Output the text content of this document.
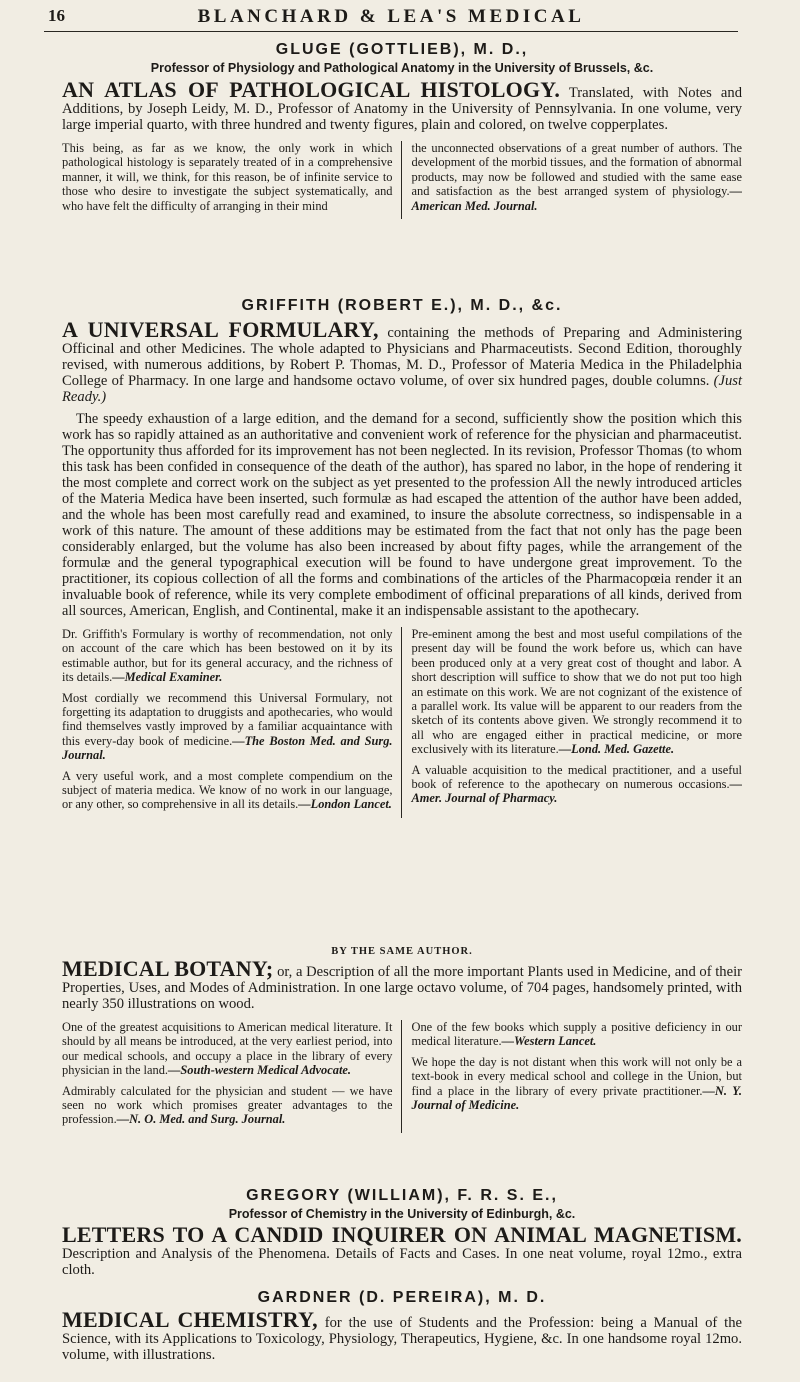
16	BLANCHARD & LEA'S MEDICAL

GLUGE (GOTTLIEB), M. D.,

Professor of Physiology and Pathological Anatomy in the University of Brussels, &c.

AN ATLAS OF PATHOLOGICAL HISTOLOGY. Translated, with Notes and Additions, by Joseph Leidy, M. D., Professor of Anatomy in the University of Pennsylvania. In one volume, very large imperial quarto, with three hundred and twenty figures, plain and colored, on twelve copperplates.

This being, as far as we know, the only work in which pathological histology is separately treated of in a comprehensive manner, it will, we think, for this reason, be of infinite service to those who desire to investigate the subject systematically, and who have felt the difficulty of arranging in their mind

the unconnected observations of a great number of authors. The development of the morbid tissues, and the formation of abnormal products, may now be followed and studied with the same ease and satisfaction as the best arranged system of physiology.—American Med. Journal.

GRIFFITH (ROBERT E.), M. D., &c.

A UNIVERSAL FORMULARY, containing the methods of Preparing and Administering Officinal and other Medicines. The whole adapted to Physicians and Pharmaceutists. Second Edition, thoroughly revised, with numerous additions, by Robert P. Thomas, M. D., Professor of Materia Medica in the Philadelphia College of Pharmacy. In one large and handsome octavo volume, of over six hundred pages, double columns. (Just Ready.)

The speedy exhaustion of a large edition, and the demand for a second, sufficiently show the position which this work has so rapidly attained as an authoritative and convenient work of reference for the physician and pharmaceutist. The opportunity thus afforded for its improvement has not been neglected. In its revision, Professor Thomas (to whom this task has been confided in consequence of the death of the author), has spared no labor, in the hope of rendering it the most complete and correct work on the subject as yet presented to the profession All the newly introduced articles of the Materia Medica have been inserted, such formulæ as had escaped the attention of the author have been added, and the whole has been most carefully read and examined, to insure the absolute correctness, so indispensable in a work of this nature. The amount of these additions may be estimated from the fact that not only has the page been considerably enlarged, but the volume has also been increased by about fifty pages, while the arrangement of the formulæ and the general typographical execution will be found to have undergone great improvement. To the practitioner, its copious collection of all the forms and combinations of the articles of the Pharmacopœia render it an invaluable book of reference, while its very complete embodiment of officinal preparations of all kinds, derived from all sources, American, English, and Continental, make it an indispensable assistant to the apothecary.

Dr. Griffith's Formulary is worthy of recommendation, not only on account of the care which has been bestowed on it by its estimable author, but for its general accuracy, and the richness of its details.—Medical Examiner.

Most cordially we recommend this Universal Formulary, not forgetting its adaptation to druggists and apothecaries, who would find themselves vastly improved by a familiar acquaintance with this every-day book of medicine.—The Boston Med. and Surg. Journal.

A very useful work, and a most complete compendium on the subject of materia medica. We know of no work in our language, or any other, so comprehensive in all its details.—London Lancet.

Pre-eminent among the best and most useful compilations of the present day will be found the work before us, which can have been produced only at a very great cost of thought and labor. A short description will suffice to show that we do not put too high an estimate on this work. We are not cognizant of the existence of a parallel work. Its value will be apparent to our readers from the sketch of its contents above given. We strongly recommend it to all who are engaged either in practical medicine, or more exclusively with its literature.—Lond. Med. Gazette.

A valuable acquisition to the medical practitioner, and a useful book of reference to the apothecary on numerous occasions.—Amer. Journal of Pharmacy.

BY THE SAME AUTHOR.

MEDICAL BOTANY; or, a Description of all the more important Plants used in Medicine, and of their Properties, Uses, and Modes of Administration. In one large octavo volume, of 704 pages, handsomely printed, with nearly 350 illustrations on wood.

One of the greatest acquisitions to American medical literature. It should by all means be introduced, at the very earliest period, into our medical schools, and occupy a place in the library of every physician in the land.—South-western Medical Advocate.

Admirably calculated for the physician and student — we have seen no work which promises greater advantages to the profession.—N. O. Med. and Surg. Journal.

One of the few books which supply a positive deficiency in our medical literature.—Western Lancet.

We hope the day is not distant when this work will not only be a text-book in every medical school and college in the Union, but find a place in the library of every private practitioner.—N. Y. Journal of Medicine.

GREGORY (WILLIAM), F. R. S. E.,

Professor of Chemistry in the University of Edinburgh, &c.

LETTERS TO A CANDID INQUIRER ON ANIMAL MAGNETISM. Description and Analysis of the Phenomena. Details of Facts and Cases. In one neat volume, royal 12mo., extra cloth.

GARDNER (D. PEREIRA), M. D.

MEDICAL CHEMISTRY, for the use of Students and the Profession: being a Manual of the Science, with its Applications to Toxicology, Physiology, Therapeutics, Hygiene, &c. In one handsome royal 12mo. volume, with illustrations.
